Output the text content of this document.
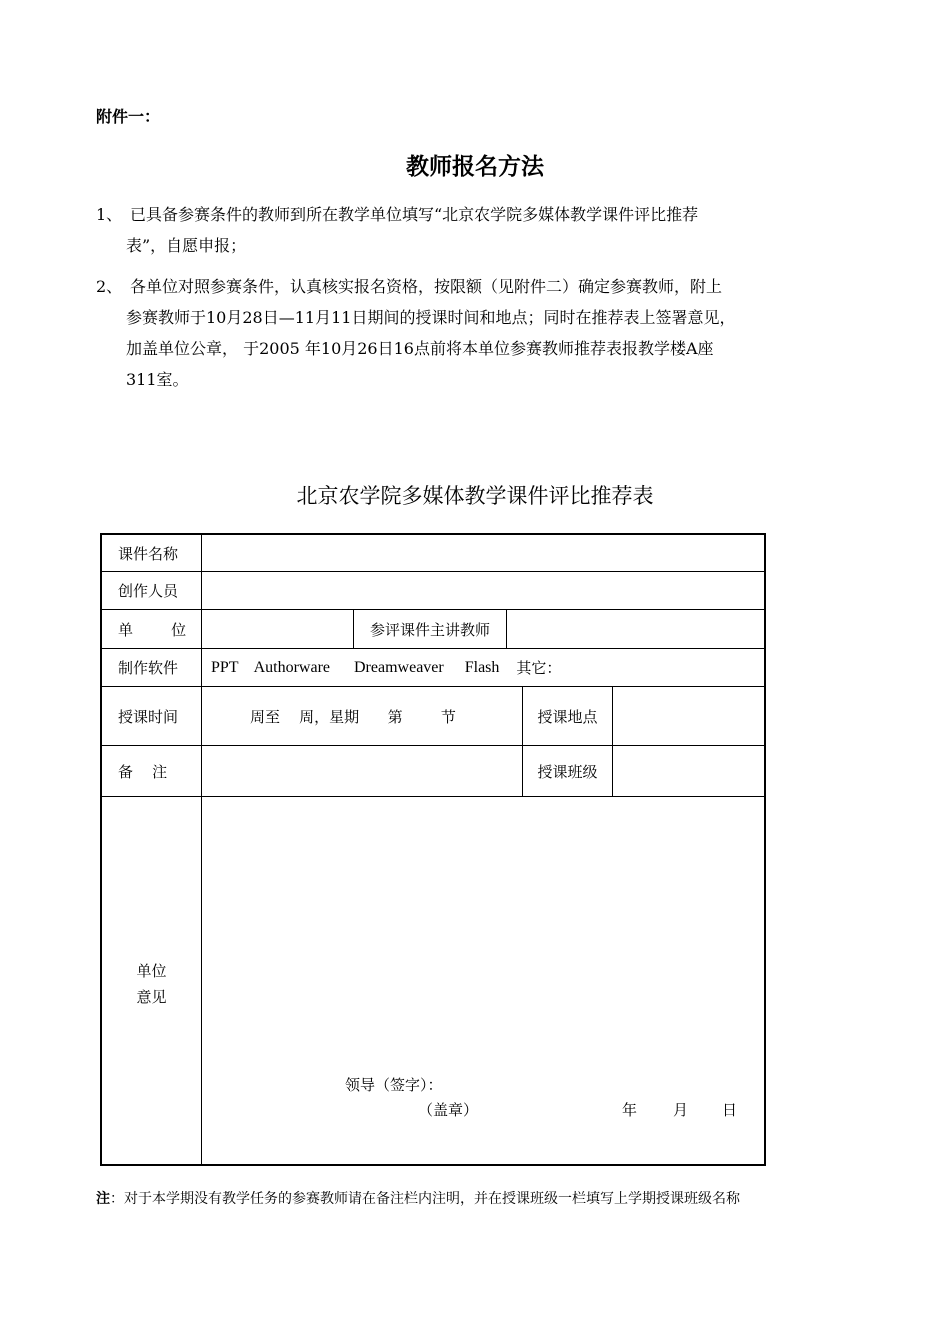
附件一：
教师报名方法
1、 已具备参赛条件的教师到所在教学单位填写“北京农学院多媒体教学课件评比推荐
表”，自愿申报；
2、 各单位对照参赛条件，认真核实报名资格，按限额（见附件二）确定参赛教师，附上
参赛教师于10月28日—11月11日期间的授课时间和地点；同时在推荐表上签署意见，
加盖单位公章， 于2005 年10月26日16点前将本单位参赛教师推荐表报教学楼A座
311室。
北京农学院多媒体教学课件评比推荐表
课件名称
创作人员
单        位	参评课件主讲教师
制作软件 PPT Authorware Dreamweaver Flash 其它：
授课时间	周至    周，星期      第        节	授课地点
备    注	授课班级
单位
意见
领导（签字）：
（盖章）	年 月 日
注：对于本学期没有教学任务的参赛教师请在备注栏内注明，并在授课班级一栏填写上学期授课班级名称
